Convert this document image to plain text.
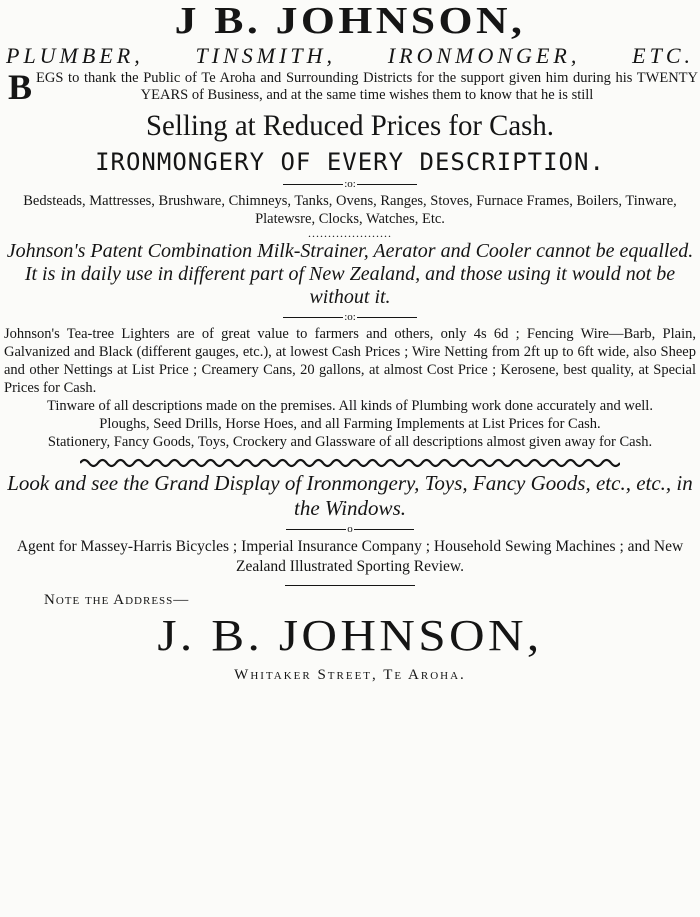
J B. JOHNSON,
PLUMBER, TINSMITH, IRONMONGER, ETC.
B EGS to thank the Public of Te Aroha and Surrounding Districts for the support given him during his TWENTY YEARS of Business, and at the same time wishes them to know that he is still
Selling at Reduced Prices for Cash.
IRONMONGERY OF EVERY DESCRIPTION.
:o:
Bedsteads, Mattresses, Brushware, Chimneys, Tanks, Ovens, Ranges, Stoves, Furnace Frames, Boilers, Tinware, Platewsre, Clocks, Watches, Etc.
.....................
Johnson's Patent Combination Milk-Strainer, Aerator and Cooler cannot be equalled. It is in daily use in different part of New Zealand, and those using it would not be without it.
:o:
Johnson's Tea-tree Lighters are of great value to farmers and others, only 4s 6d ; Fencing Wire—Barb, Plain, Galvanized and Black (different gauges, etc.), at lowest Cash Prices ; Wire Netting from 2ft up to 6ft wide, also Sheep and other Nettings at List Price ; Creamery Cans, 20 gallons, at almost Cost Price ; Kerosene, best quality, at Special Prices for Cash.
Tinware of all descriptions made on the premises. All kinds of Plumbing work done accurately and well.
Ploughs, Seed Drills, Horse Hoes, and all Farming Implements at List Prices for Cash.
Stationery, Fancy Goods, Toys, Crockery and Glassware of all descriptions almost given away for Cash.
Look and see the Grand Display of Ironmongery, Toys, Fancy Goods, etc., etc., in the Windows.
o
Agent for Massey-Harris Bicycles ; Imperial Insurance Company ; Household Sewing Machines ; and New Zealand Illustrated Sporting Review.
Note the Address—
J. B. JOHNSON,
Whitaker Street, Te Aroha.
